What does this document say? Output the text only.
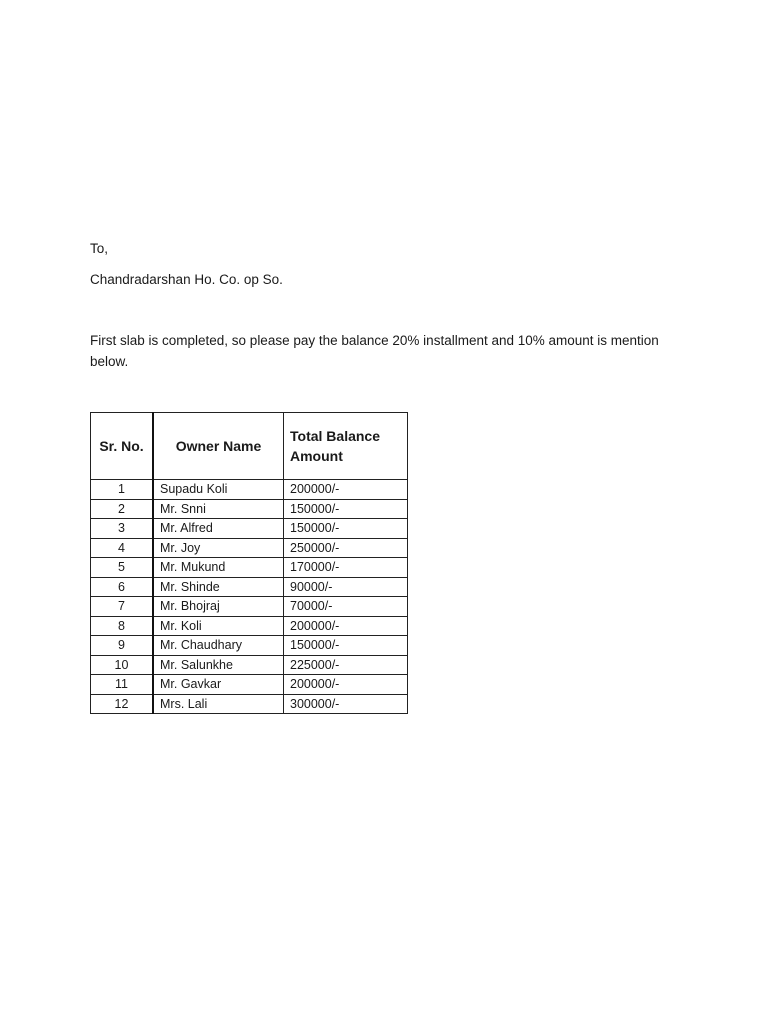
To,
Chandradarshan Ho. Co. op So.
First slab is completed, so please pay the balance 20% installment and 10% amount is mention below.
Sr. No.	Owner Name	Total Balance Amount
1	Supadu Koli	200000/-
2	Mr. Snni	150000/-
3	Mr. Alfred	150000/-
4	Mr. Joy	250000/-
5	Mr. Mukund	170000/-
6	Mr. Shinde	90000/-
7	Mr. Bhojraj	70000/-
8	Mr. Koli	200000/-
9	Mr. Chaudhary	150000/-
10	Mr. Salunkhe	225000/-
11	Mr. Gavkar	200000/-
12	Mrs. Lali	300000/-
